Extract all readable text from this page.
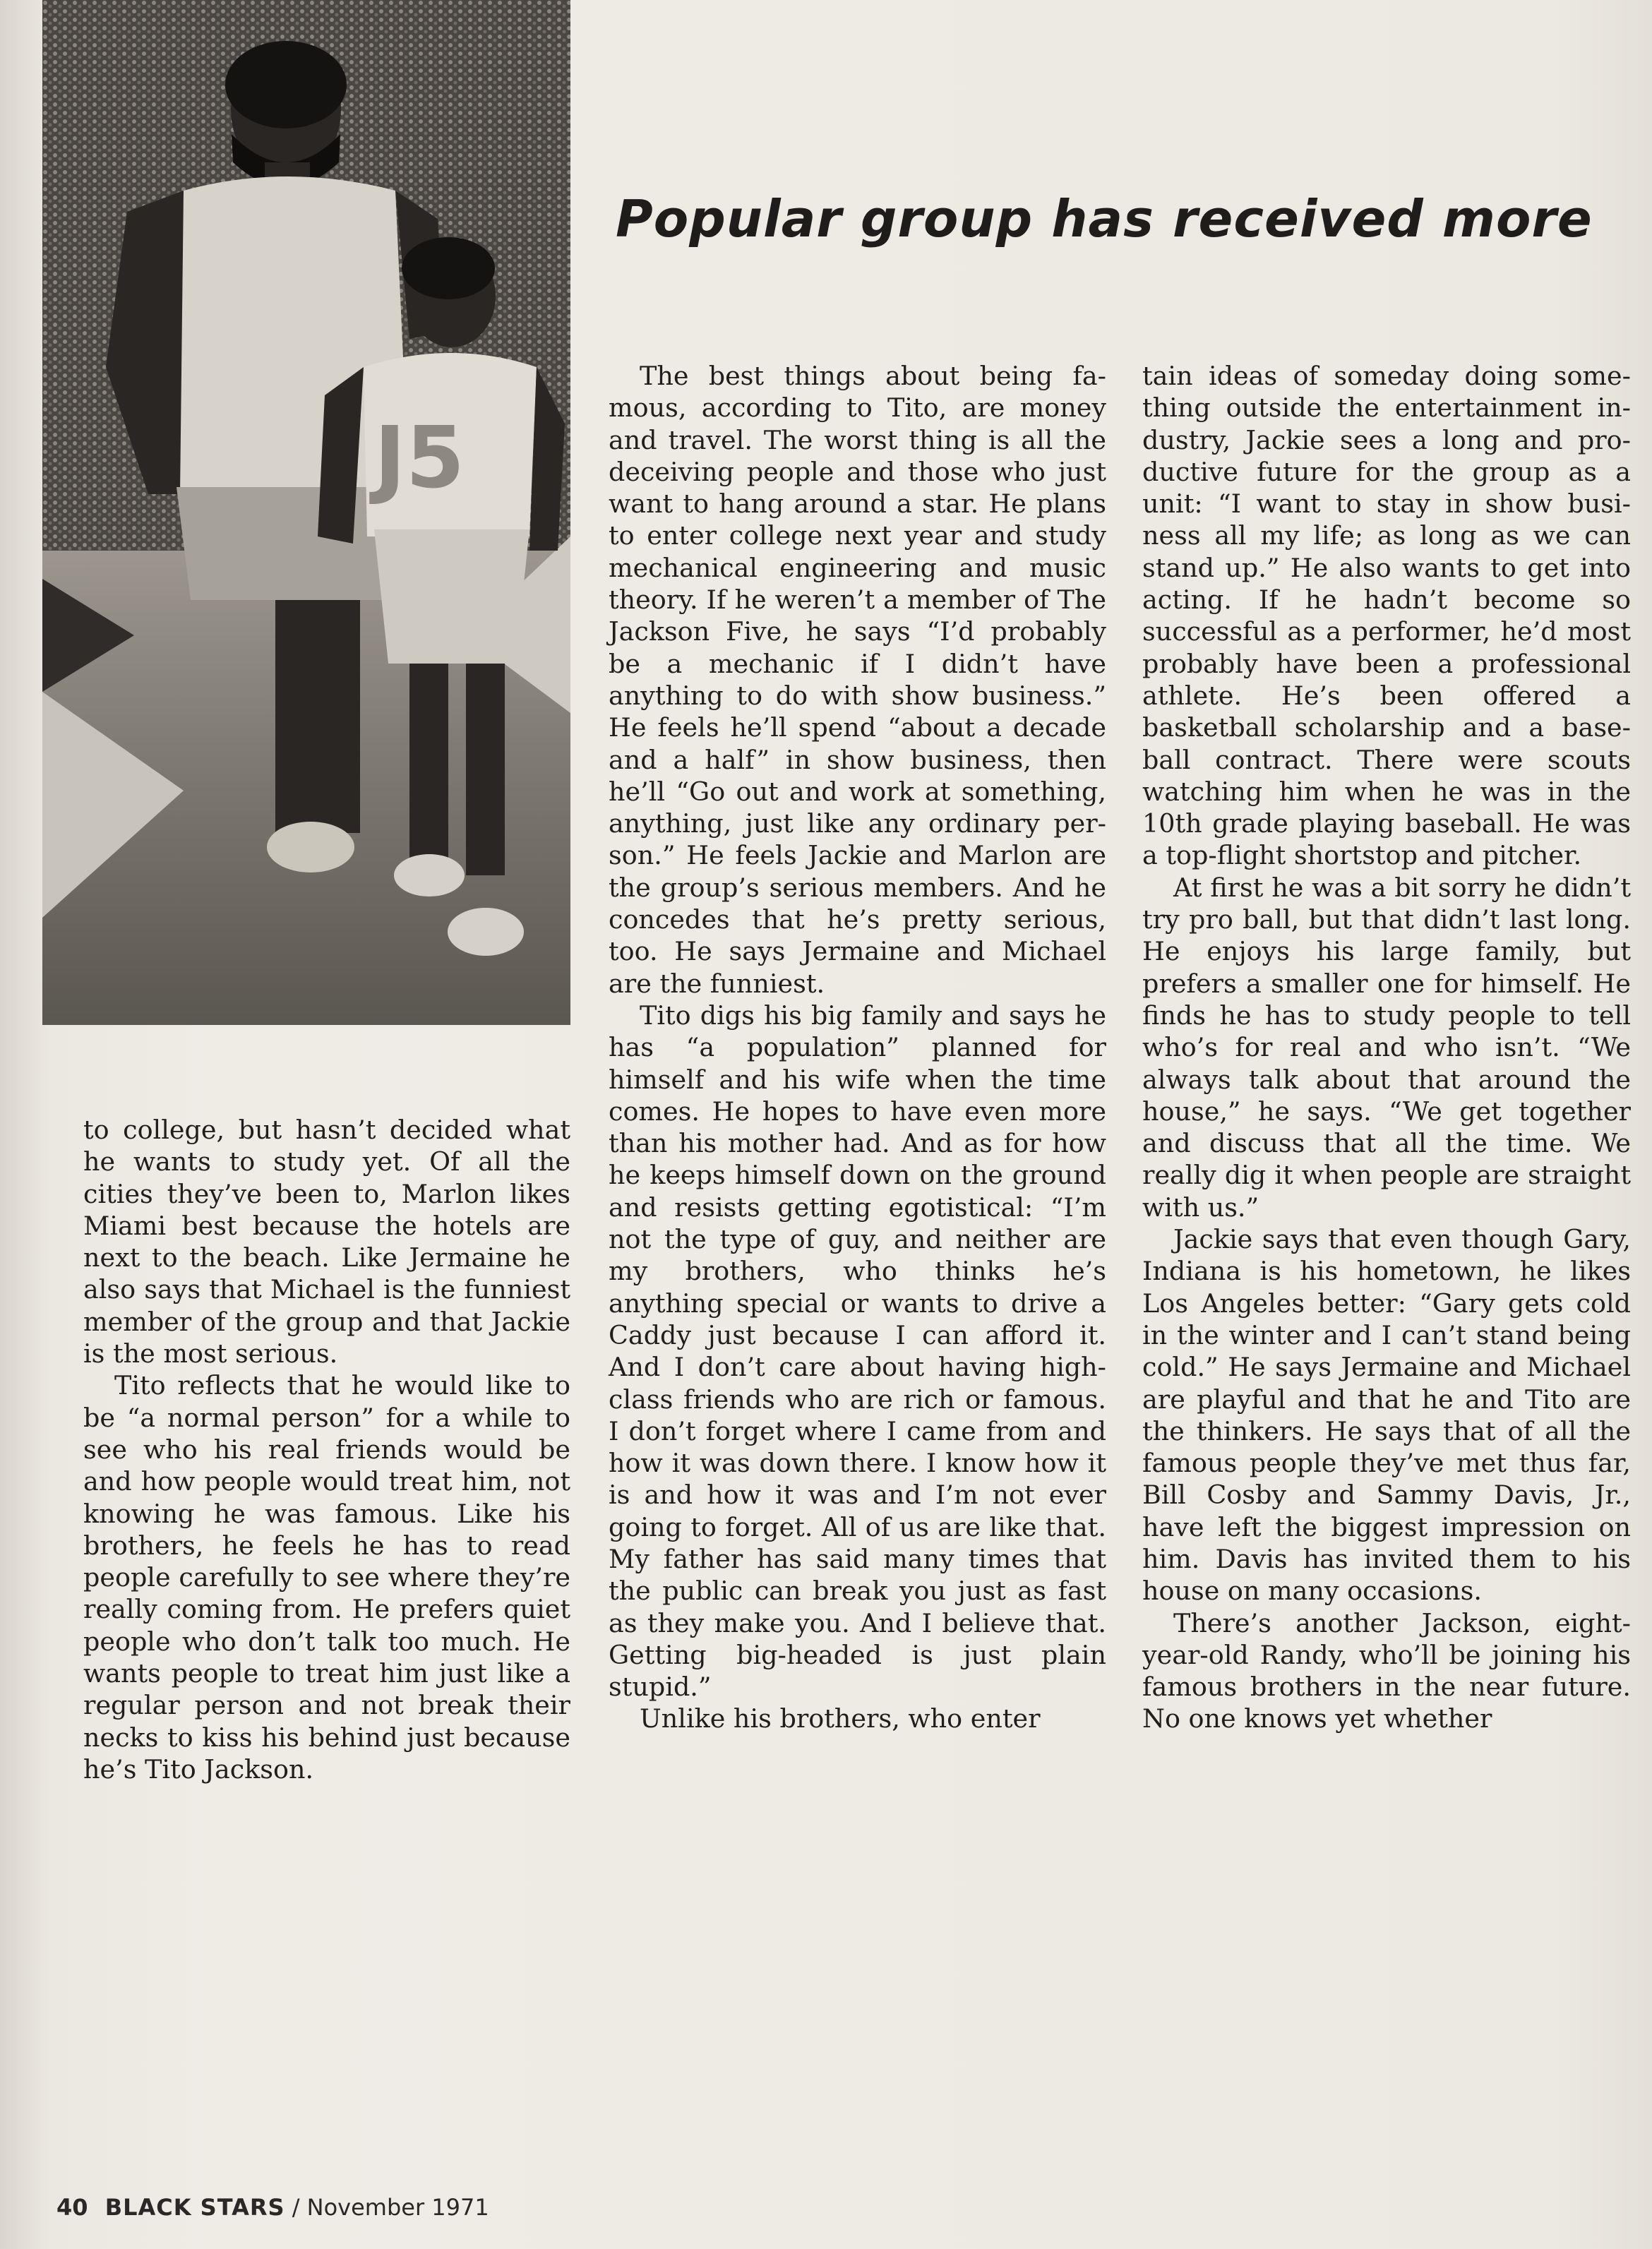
J5
Popular group has received more

to college, but hasn’t decided what he wants to study yet. Of all the cities they’ve been to, Marlon likes Miami best because the hotels are next to the beach. Like Jermaine he also says that Michael is the funniest member of the group and that Jackie is the most serious.

Tito reflects that he would like to be “a normal person” for a while to see who his real friends would be and how people would treat him, not knowing he was famous. Like his brothers, he feels he has to read people carefully to see where they’re really coming from. He prefers quiet people who don’t talk too much. He wants people to treat him just like a regular person and not break their necks to kiss his behind just because he’s Tito Jackson.

The best things about being famous, according to Tito, are money and travel. The worst thing is all the deceiving people and those who just want to hang around a star. He plans to enter college next year and study mechanical engineering and music theory. If he weren’t a member of The Jackson Five, he says “I’d probably be a mechanic if I didn’t have anything to do with show business.” He feels he’ll spend “about a decade and a half” in show business, then he’ll “Go out and work at something, anything, just like any ordinary person.” He feels Jackie and Marlon are the group’s serious members. And he concedes that he’s pretty serious, too. He says Jermaine and Michael are the funniest.

Tito digs his big family and says he has “a population” planned for himself and his wife when the time comes. He hopes to have even more than his mother had. And as for how he keeps himself down on the ground and resists getting egotistical: “I’m not the type of guy, and neither are my brothers, who thinks he’s anything special or wants to drive a Caddy just because I can afford it. And I don’t care about having high-class friends who are rich or famous. I don’t forget where I came from and how it was down there. I know how it is and how it was and I’m not ever going to forget. All of us are like that. My father has said many times that the public can break you just as fast as they make you. And I believe that. Getting big-headed is just plain stupid.”

Unlike his brothers, who enter

tain ideas of someday doing something outside the entertainment industry, Jackie sees a long and productive future for the group as a unit: “I want to stay in show business all my life; as long as we can stand up.” He also wants to get into acting. If he hadn’t become so successful as a performer, he’d most probably have been a professional athlete. He’s been offered a basketball scholarship and a baseball contract. There were scouts watching him when he was in the 10th grade playing baseball. He was a top-flight shortstop and pitcher.

At first he was a bit sorry he didn’t try pro ball, but that didn’t last long. He enjoys his large family, but prefers a smaller one for himself. He finds he has to study people to tell who’s for real and who isn’t. “We always talk about that around the house,” he says. “We get together and discuss that all the time. We really dig it when people are straight with us.”

Jackie says that even though Gary, Indiana is his hometown, he likes Los Angeles better: “Gary gets cold in the winter and I can’t stand being cold.” He says Jermaine and Michael are playful and that he and Tito are the thinkers. He says that of all the famous people they’ve met thus far, Bill Cosby and Sammy Davis, Jr., have left the biggest impression on him. Davis has invited them to his house on many occasions.

There’s another Jackson, eightyear-old Randy, who’ll be joining his famous brothers in the near future. No one knows yet whether

40 BLACK STARS / November 1971
